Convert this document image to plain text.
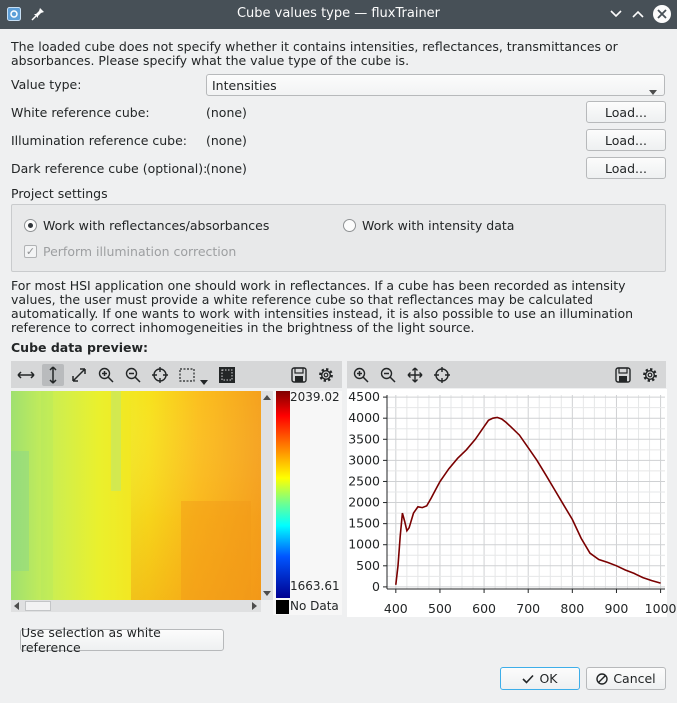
Cube values type — fluxTrainer
The loaded cube does not specify whether it contains intensities, reflectances, transmittances or absorbances. Please specify what the value type of the cube is.
Value type:	Intensities
White reference cube:	(none)	Load...
Illumination reference cube: (none)	Load...
Dark reference cube (optional):
(none)	Load...
Project settings
Work with reflectances/absorbances	Work with intensity data
✓ Perform illumination correction
For most HSI application one should work in reflectances. If a cube has been recorded as intensity values, the user must provide a white reference cube so that reflectances may be calculated automatically. If one wants to work with intensities instead, it is also possible to use an illumination reference to correct inhomogeneities in the brightness of the light source.
Cube data preview:
2039.02
1663.61
No Data
4500
4000
3500
3000
2500
2000
1500
1000
500
0
400 500 600 700 800 900 1000
Use selection as white reference
OK	Cancel
